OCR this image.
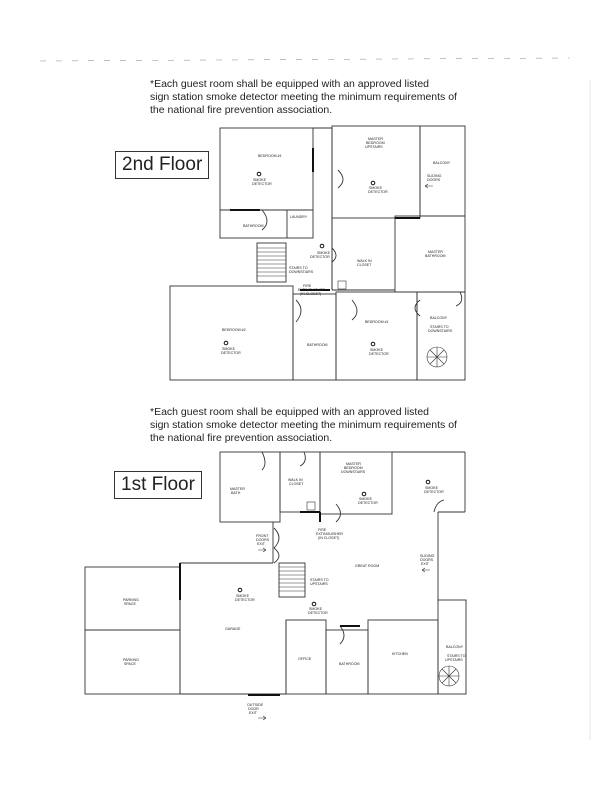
*Each guest room shall be equipped with an approved listed
sign station smoke detector meeting the minimum requirements of
the national fire prevention association.
*Each guest room shall be equipped with an approved listed
sign station smoke detector meeting the minimum requirements of
the national fire prevention association.
2nd Floor
1st Floor
BEDROOM #1
SMOKE
DETECTOR
BATHROOM
LAUNDRY
MASTER
BEDROOM
UPSTAIRS
SMOKE
DETECTOR
BALCONY
SLIDING
DOORS
SMOKE
DETECTOR
STAIRS TO
DOWNSTAIRS
WALK IN
CLOSET
MASTER
BATHROOM
FIRE
EXTINGUISHER
(IN CLOSET)
BEDROOM #2
SMOKE
DETECTOR
BATHROOM
BEDROOM #1
SMOKE
DETECTOR
BALCONY
STAIRS TO
DOWNSTAIRS
MASTER
BATH
WALK IN
CLOSET
MASTER
BEDROOM
DOWNSTAIRS
SMOKE
DETECTOR
SMOKE
DETECTOR
FIRE
EXTINGUISHER
(IN CLOSET)
FRONT
DOORS
EXIT
GREAT ROOM
SLIDING
DOORS
EXIT
STAIRS TO
UPSTAIRS
SMOKE
DETECTOR
SMOKE
DETECTOR
PARKING
SPACE
PARKING
SPACE
GARAGE
OFFICE
BATHROOM
KITCHEN
BALCONY
STAIRS TO
UPSTAIRS
OUTSIDE
DOOR
EXIT
